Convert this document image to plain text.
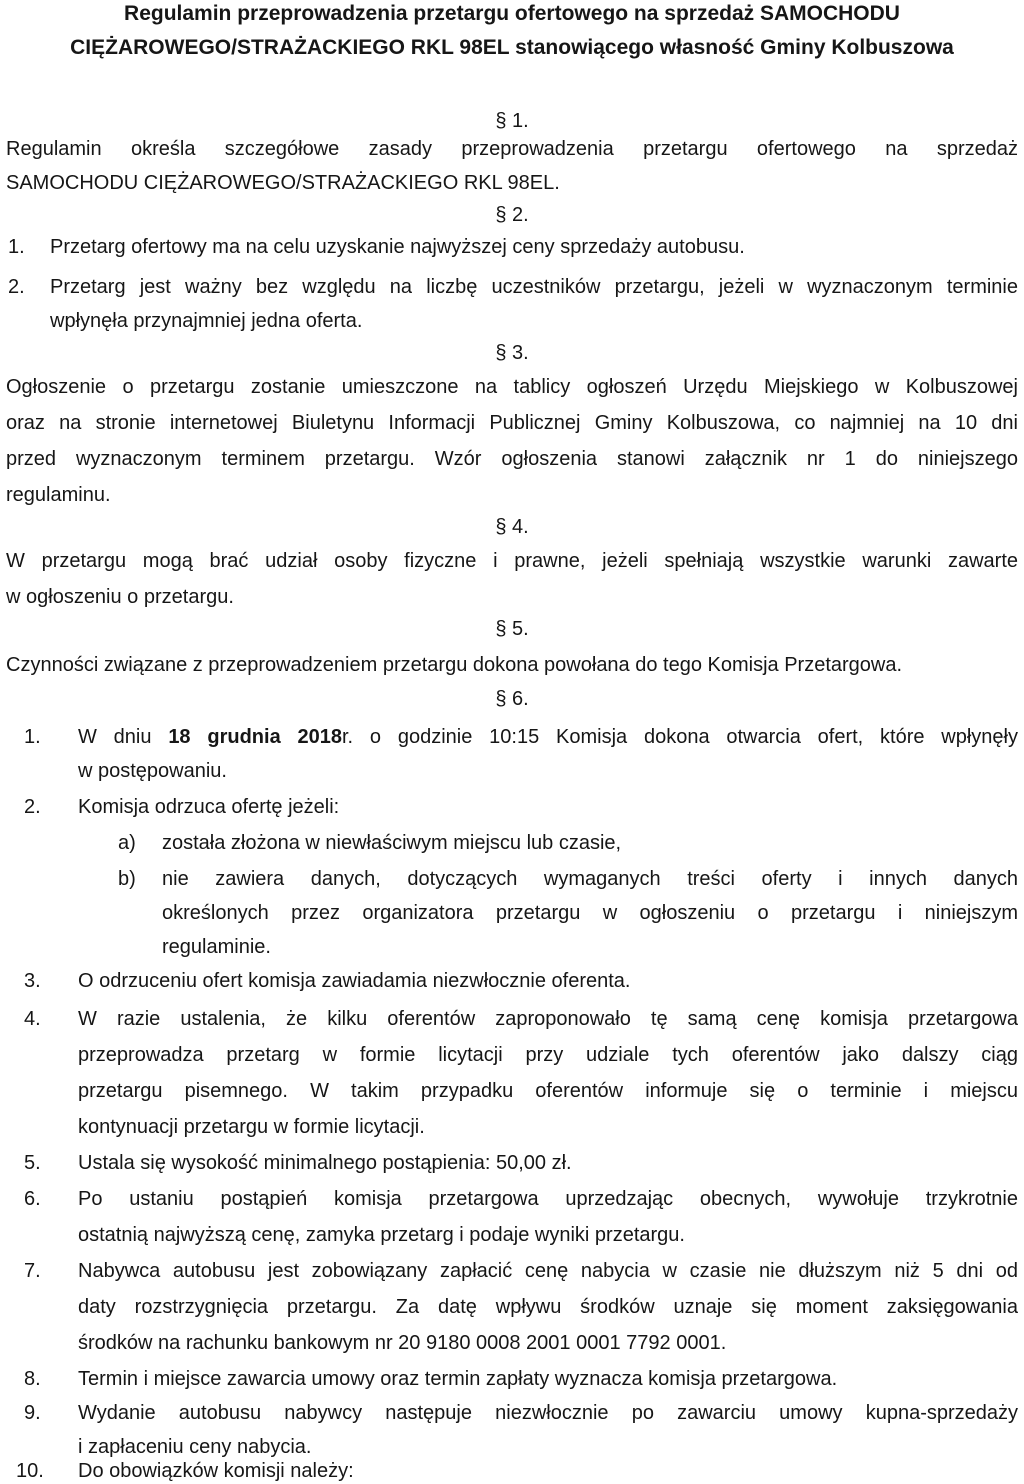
Regulamin przeprowadzenia przetargu ofertowego na sprzedaż SAMOCHODU
CIĘŻAROWEGO/STRAŻACKIEGO RKL 98EL stanowiącego własność Gminy Kolbuszowa
§ 1.
Regulamin określa szczegółowe zasady przeprowadzenia przetargu ofertowego na sprzedaż
SAMOCHODU CIĘŻAROWEGO/STRAŻACKIEGO RKL 98EL.
§ 2.
1.	Przetarg ofertowy ma na celu uzyskanie najwyższej ceny sprzedaży autobusu.
2.	Przetarg jest ważny bez względu na liczbę uczestników przetargu, jeżeli w wyznaczonym terminie
wpłynęła przynajmniej jedna oferta.
§ 3.
Ogłoszenie o przetargu zostanie umieszczone na tablicy ogłoszeń Urzędu Miejskiego w Kolbuszowej
oraz na stronie internetowej Biuletynu Informacji Publicznej Gminy Kolbuszowa, co najmniej na 10 dni
przed wyznaczonym terminem przetargu. Wzór ogłoszenia stanowi załącznik nr 1 do niniejszego
regulaminu.
§ 4.
W przetargu mogą brać udział osoby fizyczne i prawne, jeżeli spełniają wszystkie warunki zawarte
w ogłoszeniu o przetargu.
§ 5.
Czynności związane z przeprowadzeniem przetargu dokona powołana do tego Komisja Przetargowa.
§ 6.
1.	W dniu 18 grudnia 2018r. o godzinie 10:15 Komisja dokona otwarcia ofert, które wpłynęły
w postępowaniu.
2.	Komisja odrzuca ofertę jeżeli:
a)	została złożona w niewłaściwym miejscu lub czasie,
b)	nie zawiera danych, dotyczących wymaganych treści oferty i innych danych
określonych przez organizatora przetargu w ogłoszeniu o przetargu i niniejszym
regulaminie.
3.	O odrzuceniu ofert komisja zawiadamia niezwłocznie oferenta.
4.	W razie ustalenia, że kilku oferentów zaproponowało tę samą cenę komisja przetargowa
przeprowadza przetarg w formie licytacji przy udziale tych oferentów jako dalszy ciąg
przetargu pisemnego. W takim przypadku oferentów informuje się o terminie i miejscu
kontynuacji przetargu w formie licytacji.
5.	Ustala się wysokość minimalnego postąpienia: 50,00 zł.
6.	Po ustaniu postąpień komisja przetargowa uprzedzając obecnych, wywołuje trzykrotnie
ostatnią najwyższą cenę, zamyka przetarg i podaje wyniki przetargu.
7.	Nabywca autobusu jest zobowiązany zapłacić cenę nabycia w czasie nie dłuższym niż 5 dni od
daty rozstrzygnięcia przetargu. Za datę wpływu środków uznaje się moment zaksięgowania
środków na rachunku bankowym nr 20 9180 0008 2001 0001 7792 0001.
8.	Termin i miejsce zawarcia umowy oraz termin zapłaty wyznacza komisja przetargowa.
9.	Wydanie autobusu nabywcy następuje niezwłocznie po zawarciu umowy kupna-sprzedaży
i zapłaceniu ceny nabycia.
10.	Do obowiązków komisji należy:
